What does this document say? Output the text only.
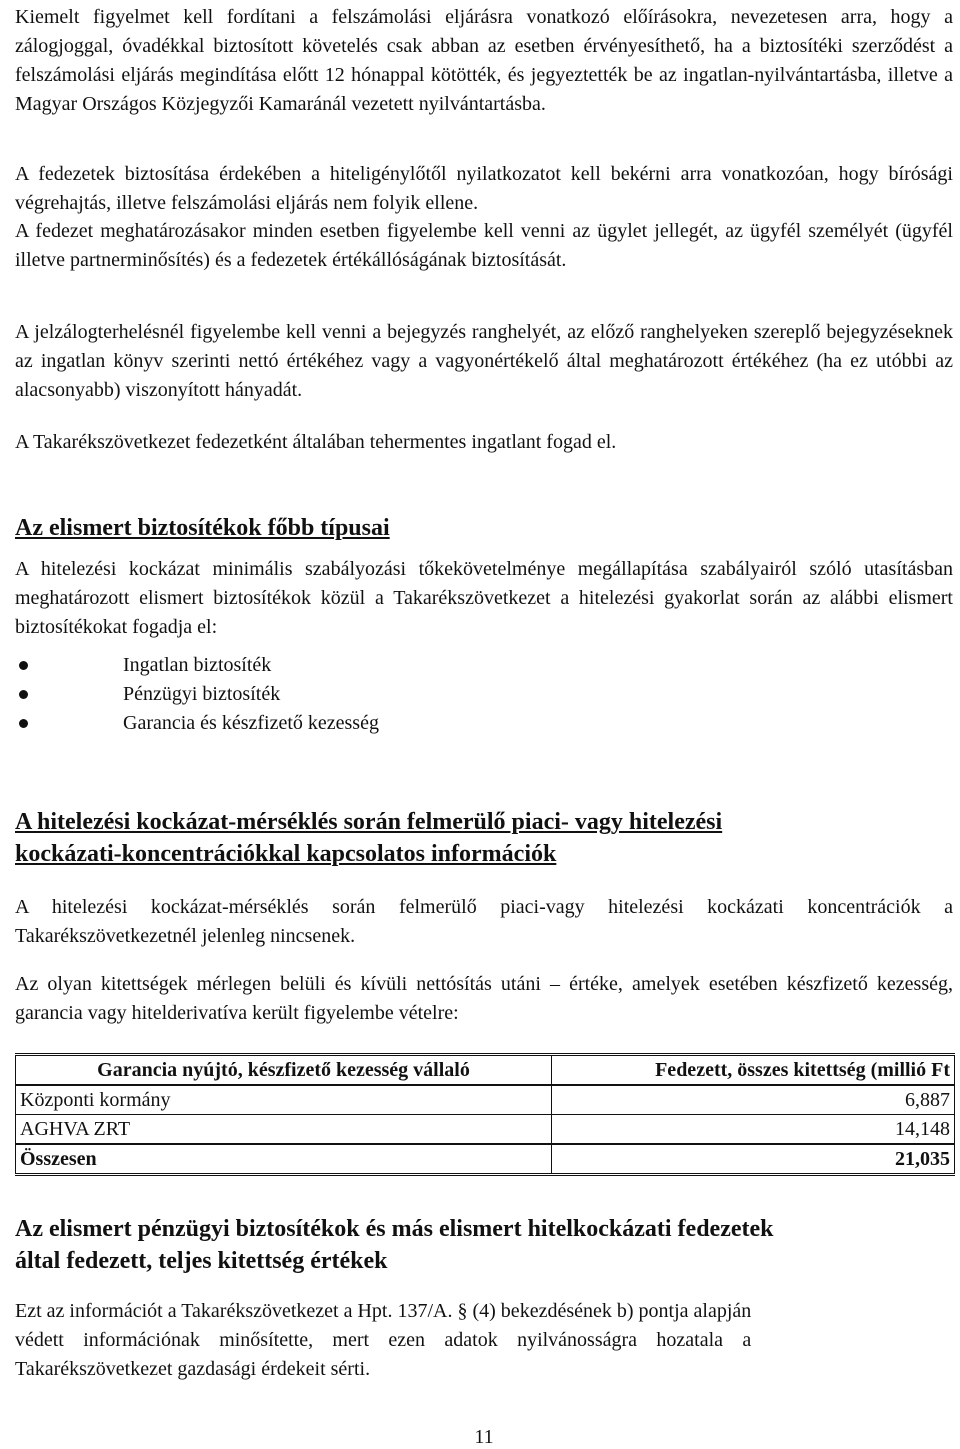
Kiemelt figyelmet kell fordítani a felszámolási eljárásra vonatkozó előírásokra, nevezetesen arra, hogy a zálogjoggal, óvadékkal biztosított követelés csak abban az esetben érvényesíthető, ha a biztosítéki szerződést a felszámolási eljárás megindítása előtt 12 hónappal kötötték, és jegyeztették be az ingatlan-nyilvántartásba, illetve a Magyar Országos Közjegyzői Kamaránál vezetett nyilvántartásba.

A fedezetek biztosítása érdekében a hiteligénylőtől nyilatkozatot kell bekérni arra vonatkozóan, hogy bírósági végrehajtás, illetve felszámolási eljárás nem folyik ellene.

A fedezet meghatározásakor minden esetben figyelembe kell venni az ügylet jellegét, az ügyfél személyét (ügyfél illetve partnerminősítés) és a fedezetek értékállóságának biztosítását.

A jelzálogterhelésnél figyelembe kell venni a bejegyzés ranghelyét, az előző ranghelyeken szereplő bejegyzéseknek az ingatlan könyv szerinti nettó értékéhez vagy a vagyonértékelő által meghatározott értékéhez (ha ez utóbbi az alacsonyabb) viszonyított hányadát.

A Takarékszövetkezet fedezetként általában tehermentes ingatlant fogad el.

Az elismert biztosítékok főbb típusai

A hitelezési kockázat minimális szabályozási tőkekövetelménye megállapítása szabályairól szóló utasításban meghatározott elismert biztosítékok közül a Takarékszövetkezet a hitelezési gyakorlat során az alábbi elismert biztosítékokat fogadja el:

Ingatlan biztosíték
Pénzügyi biztosíték
Garancia és készfizető kezesség
A hitelezési kockázat-mérséklés során felmerülő piaci- vagy hitelezési
kockázati-koncentrációkkal kapcsolatos információk

A hitelezési kockázat-mérséklés során felmerülő piaci-vagy hitelezési kockázati koncentrációk a Takarékszövetkezetnél jelenleg nincsenek.

Az olyan kitettségek mérlegen belüli és kívüli nettósítás utáni – értéke, amelyek esetében készfizető kezesség, garancia vagy hitelderivatíva került figyelembe vételre:

Garancia nyújtó, készfizető kezesség vállaló	Fedezett, összes kitettség (millió Ft
Központi kormány	6,887
AGHVA ZRT	14,148
Összesen	21,035
Az elismert pénzügyi biztosítékok és más elismert hitelkockázati fedezetek
által fedezett, teljes kitettség értékek

Ezt az információt a Takarékszövetkezet a Hpt. 137/A. § (4) bekezdésének b) pontja alapján
védett információnak minősítette, mert ezen adatok nyilvánosságra hozatala a
Takarékszövetkezet gazdasági érdekeit sérti.

11
